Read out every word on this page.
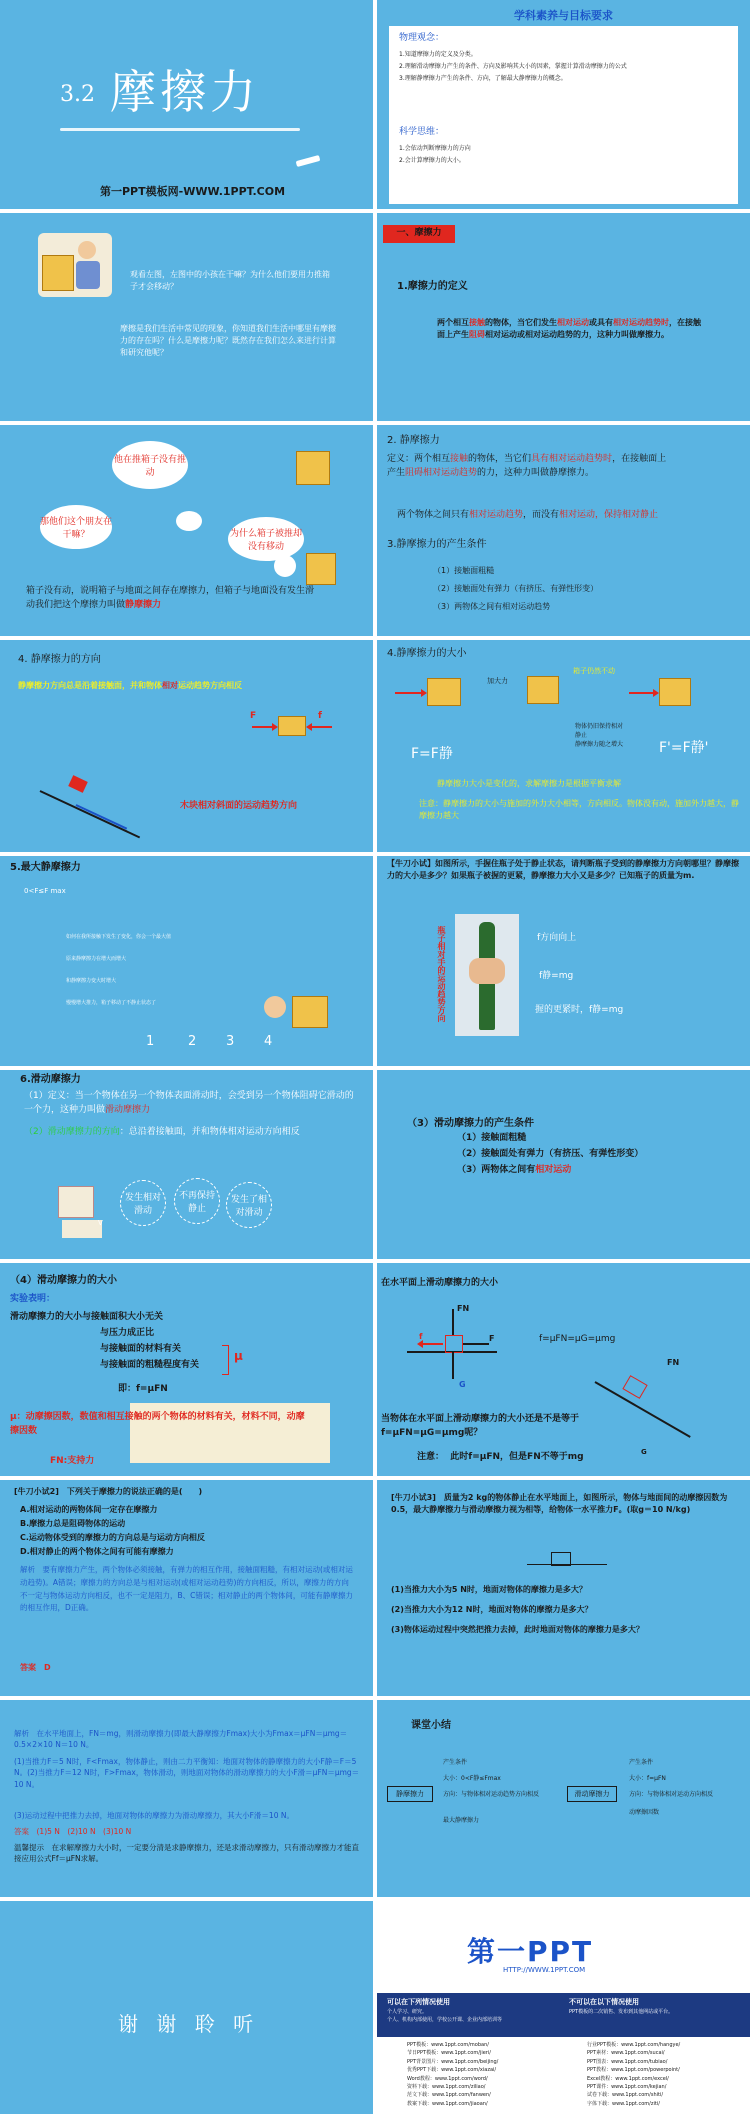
3.2 摩擦力
第一PPT模板网-WWW.1PPT.COM
学科素养与目标要求
物理观念：
1.知道摩擦力的定义及分类。
2.理解滑动摩擦力产生的条件、方向及影响其大小的因素，掌握计算滑动摩擦力的公式
3.理解静摩擦力产生的条件、方向，了解最大静摩擦力的概念。
科学思维：
1.会依动判断摩擦力的方向
2.会计算摩擦力的大小。
观看左图，左图中的小孩在干嘛？为什么他们要用力推箱子才会移动？
摩擦是我们生活中常见的现象，你知道我们生活中哪里有摩擦力的存在吗？什么是摩擦力呢？既然存在我们怎么来进行计算和研究他呢？
一、摩擦力
1.摩擦力的定义
两个相互接触的物体，当它们发生相对运动或具有相对运动趋势时，在接触面上产生阻碍相对运动或相对运动趋势的力，这种力叫做摩擦力。
他在推箱子没有推动
那他们这个朋友在干嘛？	为什么箱子被推却没有移动
箱子没有动，说明箱子与地面之间存在摩擦力，但箱子与地面没有发生滑动我们把这个摩擦力叫做静摩擦力
2. 静摩擦力
定义：两个相互接触的物体，当它们具有相对运动趋势时，在接触面上产生阻碍相对运动趋势的力，这种力叫做静摩擦力。
两个物体之间只有相对运动趋势，而没有相对运动，保持相对静止
3.静摩擦力的产生条件
（1）接触面粗糙
（2）接触面处有弹力（有挤压、有弹性形变）
（3）两物体之间有相对运动趋势
4. 静摩擦力的方向
静摩擦力方向总是沿着接触面，并和物体相对运动趋势方向相反
F	f
木块相对斜面的运动趋势方向
4.静摩擦力的大小
加大力
箱子仍然不动
物体仍旧保持相对静止
静摩擦力随之增大
F=F静	F'=F静'
静摩擦力大小是变化的，求解摩擦力是根据平衡求解
注意：静摩擦力的大小与施加的外力大小相等，方向相反。物体没有动，施加外力越大，静摩擦力越大
5.最大静摩擦力
0<F≤F max
如何在我所接触下发生了变化，你会一个最大值
原来静摩擦力在增大而增大
和静摩擦力变大时增大
慢慢增大推力，箱子移动了不静止状态了
1	2 3 4
【牛刀小试】如图所示，手握住瓶子处于静止状态，请判断瓶子受到的静摩擦力方向朝哪里？静摩擦力的大小是多少？如果瓶子被握的更紧，静摩擦力大小又是多少？已知瓶子的质量为m.
瓶子相对手的运动趋势方向	f方向向上
f静=mg
握的更紧时，f静=mg
6.滑动摩擦力
（1）定义：当一个物体在另一个物体表面滑动时，会受到另一个物体阻碍它滑动的一个力，这种力叫做滑动摩擦力
（2）滑动摩擦力的方向：总沿着接触面，并和物体相对运动方向相反
V
发生相对滑动
不再保持静止
发生了相对滑动
（3）滑动摩擦力的产生条件
（1）接触面粗糙
（2）接触面处有弹力（有挤压、有弹性形变）
（3）两物体之间有相对运动
（4）滑动摩擦力的大小
实验表明：
滑动摩擦力的大小与接触面积大小无关
与压力成正比
与接触面的材料有关
与接触面的粗糙程度有关
μ
即：f=μFN
μ：动摩擦因数，数值和相互接触的两个物体的材料有关，材料不同，动摩擦因数
FN:支持力
在水平面上滑动摩擦力的大小
FN
G
f	F	f=μFN=μG=μmg
FN
G
当物体在水平面上滑动摩擦力的大小还是不是等于f=μFN=μG=μmg呢？
注意： 此时f=μFN，但是FN不等于mg
[牛刀小试2]　下列关于摩擦力的说法正确的是(　　)
A.相对运动的两物体间一定存在摩擦力
B.摩擦力总是阻碍物体的运动
C.运动物体受到的摩擦力的方向总是与运动方向相反
D.相对静止的两个物体之间有可能有摩擦力
解析　要有摩擦力产生，两个物体必须接触，有弹力的相互作用，接触面粗糙，有相对运动(或相对运动趋势)。A错误；摩擦力的方向总是与相对运动(或相对运动趋势)的方向相反，所以，摩擦力的方向不一定与物体运动方向相反，也不一定是阻力，B、C错误；相对静止的两个物体间，可能有静摩擦力的相互作用，D正确。
答案　D
[牛刀小试3]　质量为2 kg的物体静止在水平地面上，如图所示，物体与地面间的动摩擦因数为0.5，最大静摩擦力与滑动摩擦力视为相等，给物体一水平推力F。(取g＝10 N/kg)
(1)当推力大小为5 N时，地面对物体的摩擦力是多大？
(2)当推力大小为12 N时，地面对物体的摩擦力是多大？
(3)物体运动过程中突然把推力去掉，此时地面对物体的摩擦力是多大？
解析　在水平地面上，FN＝mg，则滑动摩擦力(即最大静摩擦力Fmax)大小为Fmax＝μFN＝μmg＝0.5×2×10 N＝10 N。
(1)当推力F＝5 N时，F<Fmax，物体静止，则由二力平衡知：地面对物体的静摩擦力的大小F静＝F＝5 N。(2)当推力F＝12 N时，F>Fmax，物体滑动，则地面对物体的滑动摩擦力的大小F滑＝μFN＝μmg＝10 N。
(3)运动过程中把推力去掉，地面对物体的摩擦力为滑动摩擦力，其大小F滑＝10 N。
答案　(1)5 N　(2)10 N　(3)10 N
温馨提示　在求解摩擦力大小时，一定要分清是求静摩擦力，还是求滑动摩擦力，只有滑动摩擦力才能直接应用公式Ff＝μFN求解。
课堂小结
静摩擦力
产生条件
大小：0<F静≤Fmax
方向：与物体相对运动趋势方向相反
最大静摩擦力
滑动摩擦力
产生条件
大小：f=μFN
方向：与物体相对运动方向相反
动摩擦因数
谢 谢 聆 听
第一PPT
HTTP://WWW.1PPT.COM
可以在下列情况使用
个人学习、研究。
个人、机构内部使用，学校公开课、企业内部培训等
不可以在以下情况使用
PPT模板的二次销售、发布到其他网站或平台。
PPT模板：www.1ppt.com/moban/
节日PPT模板：www.1ppt.com/jieri/
PPT背景图片：www.1ppt.com/beijing/
优秀PPT下载：www.1ppt.com/xiazai/
Word教程：www.1ppt.com/word/
资料下载：www.1ppt.com/ziliao/
范文下载：www.1ppt.com/fanwen/
教案下载：www.1ppt.com/jiaoan/
行业PPT模板：www.1ppt.com/hangye/
PPT素材：www.1ppt.com/sucai/
PPT图表：www.1ppt.com/tubiao/
PPT教程：www.1ppt.com/powerpoint/
Excel教程：www.1ppt.com/excel/
PPT课件：www.1ppt.com/kejian/
试卷下载：www.1ppt.com/shiti/
字体下载：www.1ppt.com/ziti/
